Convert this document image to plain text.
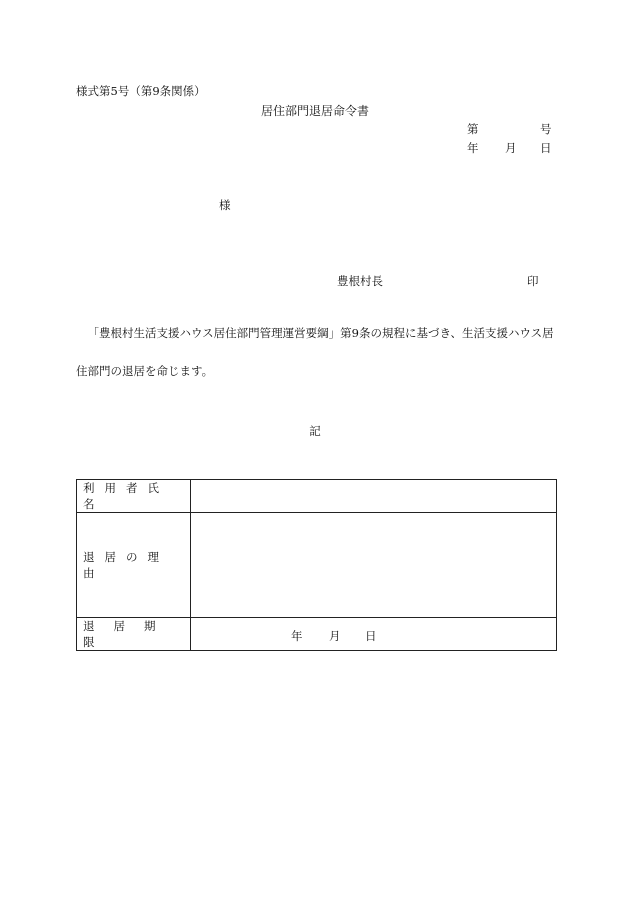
様式第5号（第9条関係）
居住部門退居命令書
第	号
年 月 日
様
豊根村長	印
「豊根村生活支援ハウス居住部門管理運営要綱」第9条の規程に基づき、生活支援ハウス居住部門の退居を命じます。
記
利用者氏名	
退居の理由	
退居期限	年 月 日
